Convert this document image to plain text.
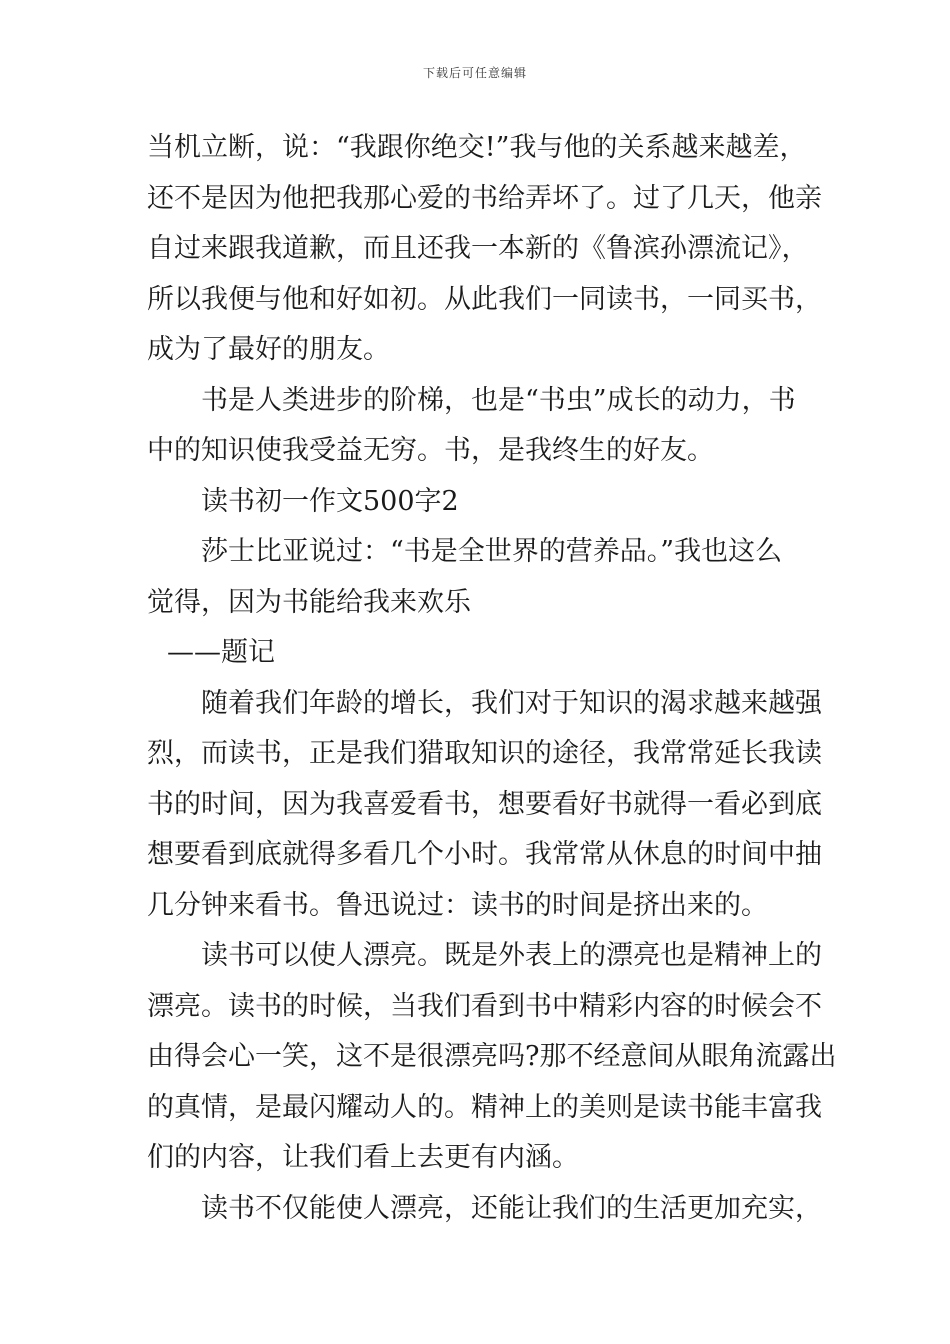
下载后可任意编辑
当机立断，说：“我跟你绝交!”我与他的关系越来越差，
还不是因为他把我那心爱的书给弄坏了。过了几天，他亲
自过来跟我道歉，而且还我一本新的《鲁滨孙漂流记》，
所以我便与他和好如初。从此我们一同读书，一同买书，
成为了最好的朋友。
书是人类进步的阶梯，也是“书虫”成长的动力，书
中的知识使我受益无穷。书，是我终生的好友。
读书初一作文500字2
莎士比亚说过：“书是全世界的营养品。”我也这么
觉得，因为书能给我来欢乐
——题记
随着我们年龄的增长，我们对于知识的渴求越来越强
烈，而读书，正是我们猎取知识的途径，我常常延长我读
书的时间，因为我喜爱看书，想要看好书就得一看必到底
想要看到底就得多看几个小时。我常常从休息的时间中抽
几分钟来看书。鲁迅说过：读书的时间是挤出来的。
读书可以使人漂亮。既是外表上的漂亮也是精神上的
漂亮。读书的时候，当我们看到书中精彩内容的时候会不
由得会心一笑，这不是很漂亮吗?那不经意间从眼角流露出
的真情，是最闪耀动人的。精神上的美则是读书能丰富我
们的内容，让我们看上去更有内涵。
读书不仅能使人漂亮，还能让我们的生活更加充实，
